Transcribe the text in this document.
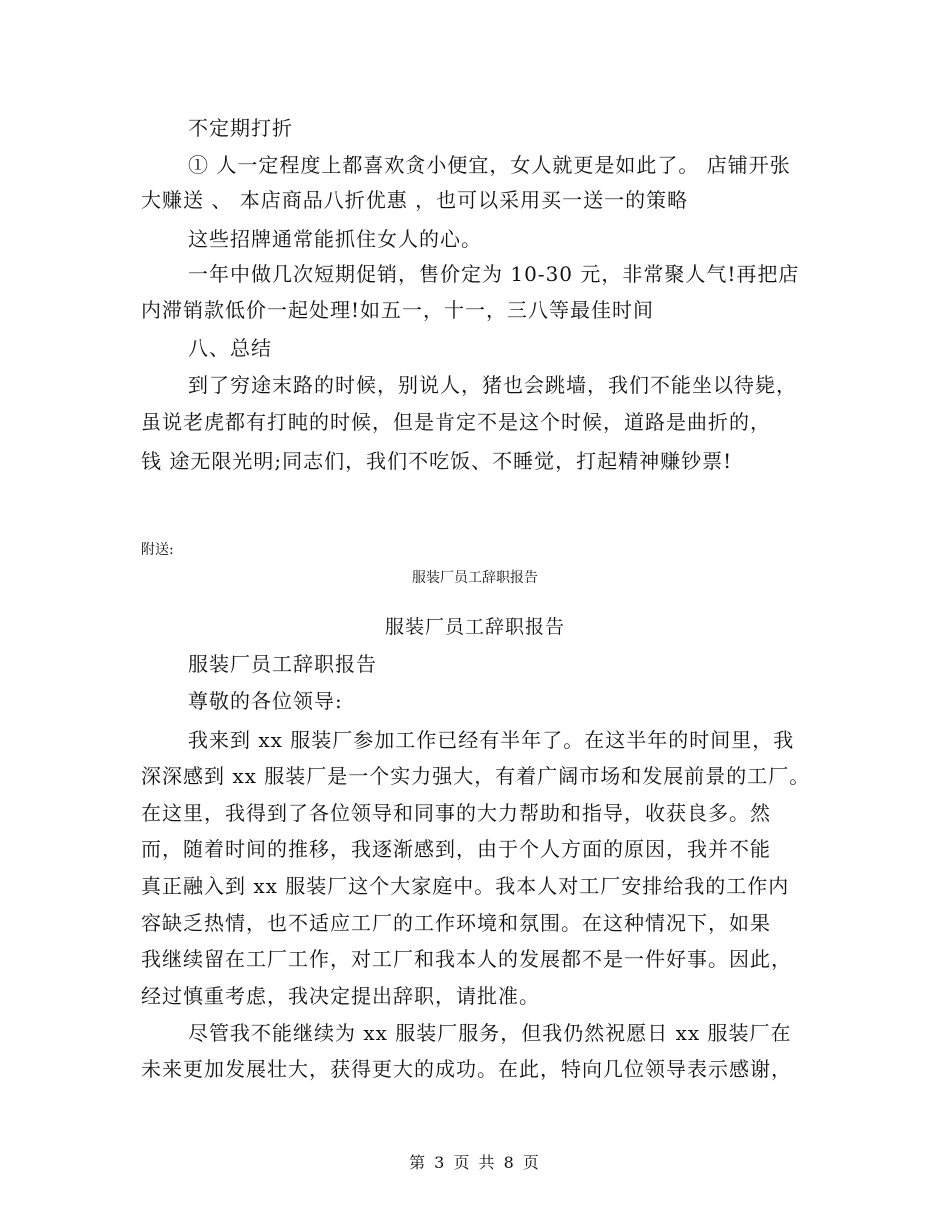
不定期打折
① 人一定程度上都喜欢贪小便宜，女人就更是如此了。 店铺开张
大赚送 、 本店商品八折优惠 ，也可以采用买一送一的策略
这些招牌通常能抓住女人的心。
一年中做几次短期促销，售价定为 10-30 元，非常聚人气!再把店
内滞销款低价一起处理!如五一，十一，三八等最佳时间
八、总结
到了穷途末路的时候，别说人，猪也会跳墙，我们不能坐以待毙，
虽说老虎都有打盹的时候，但是肯定不是这个时候，道路是曲折的，
钱 途无限光明;同志们，我们不吃饭、不睡觉，打起精神赚钞票!
附送:
服装厂员工辞职报告
服装厂员工辞职报告
服装厂员工辞职报告
尊敬的各位领导:
我来到 xx 服装厂参加工作已经有半年了。在这半年的时间里，我
深深感到 xx 服装厂是一个实力强大，有着广阔市场和发展前景的工厂。
在这里，我得到了各位领导和同事的大力帮助和指导，收获良多。然
而，随着时间的推移，我逐渐感到，由于个人方面的原因，我并不能
真正融入到 xx 服装厂这个大家庭中。我本人对工厂安排给我的工作内
容缺乏热情，也不适应工厂的工作环境和氛围。在这种情况下，如果
我继续留在工厂工作，对工厂和我本人的发展都不是一件好事。因此，
经过慎重考虑，我决定提出辞职，请批准。
尽管我不能继续为 xx 服装厂服务，但我仍然祝愿日 xx 服装厂在
未来更加发展壮大，获得更大的成功。在此，特向几位领导表示感谢，
第 3 页 共 8 页
